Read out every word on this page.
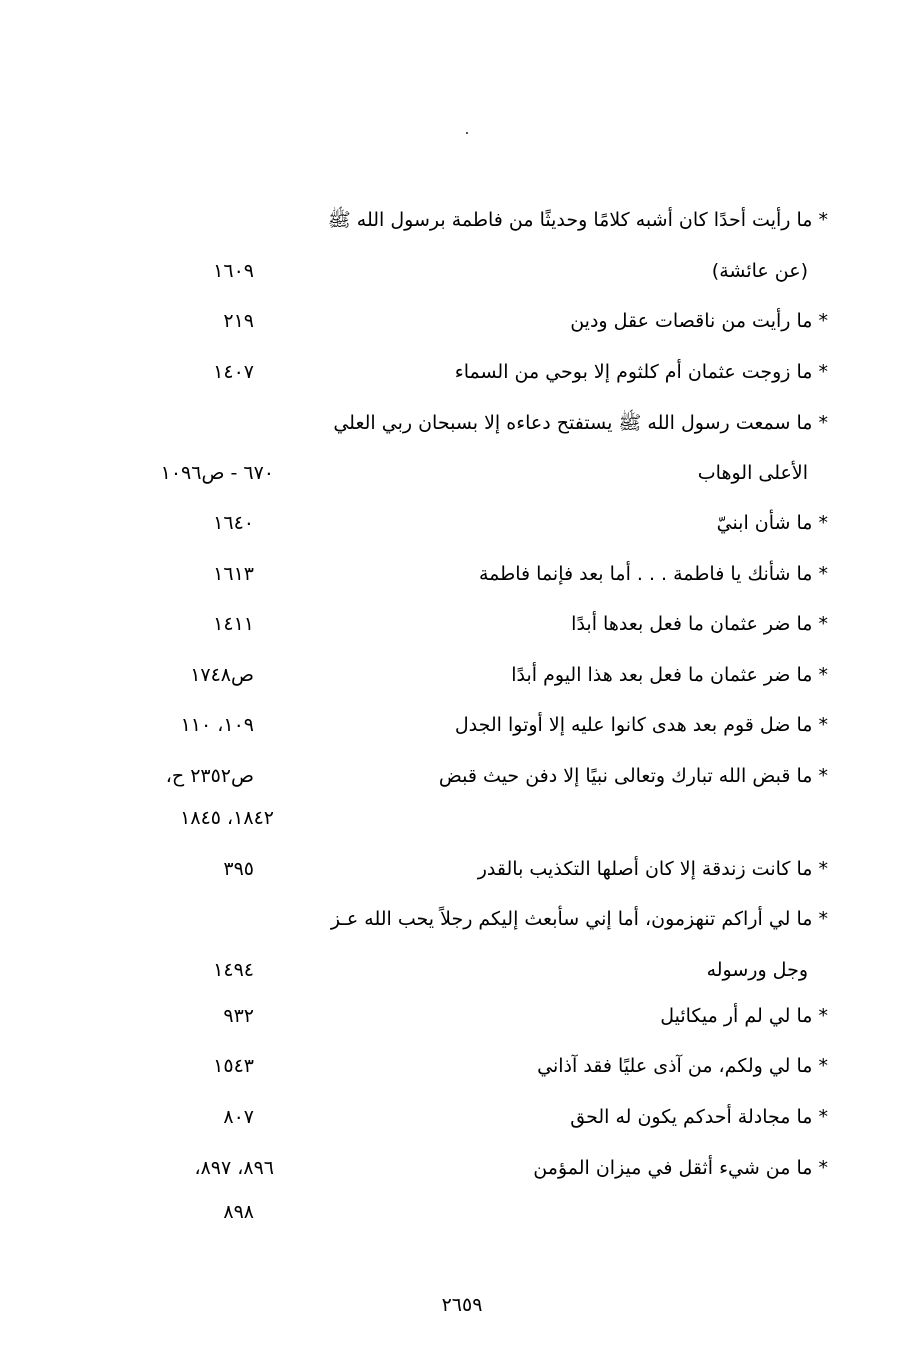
* ما رأيت أحدًا كان أشبه كلامًا وحديثًا من فاطمة برسول الله ﷺ
(عن عائشة)
١٦٠٩
* ما رأيت من ناقصات عقل ودين
٢١٩
* ما زوجت عثمان أم كلثوم إلا بوحي من السماء
١٤٠٧
* ما سمعت رسول الله ﷺ يستفتح دعاءه إلا بسبحان ربي العلي
الأعلى الوهاب
٦٧٠ - ص١٠٩٦
* ما شأن ابنيّ
١٦٤٠
* ما شأنك يا فاطمة . . . أما بعد فإنما فاطمة
١٦١٣
* ما ضر عثمان ما فعل بعدها أبدًا
١٤١١
* ما ضر عثمان ما فعل بعد هذا اليوم أبدًا
ص١٧٤٨
* ما ضل قوم بعد هدى كانوا عليه إلا أوتوا الجدل
١٠٩، ١١٠
* ما قبض الله تبارك وتعالى نبيًا إلا دفن حيث قبض
ص٢٣٥٢ ح،
١٨٤٢، ١٨٤٥
* ما كانت زندقة إلا كان أصلها التكذيب بالقدر
٣٩٥
* ما لي أراكم تنهزمون، أما إني سأبعث إليكم رجلاً يحب الله عـز
وجل ورسوله
١٤٩٤
* ما لي لم أر ميكائيل
٩٣٢
* ما لي ولكم، من آذى عليًا فقد آذاني
١٥٤٣
* ما مجادلة أحدكم يكون له الحق
٨٠٧
* ما من شيء أثقل في ميزان المؤمن
٨٩٦، ٨٩٧،
٨٩٨
٢٦٥٩
